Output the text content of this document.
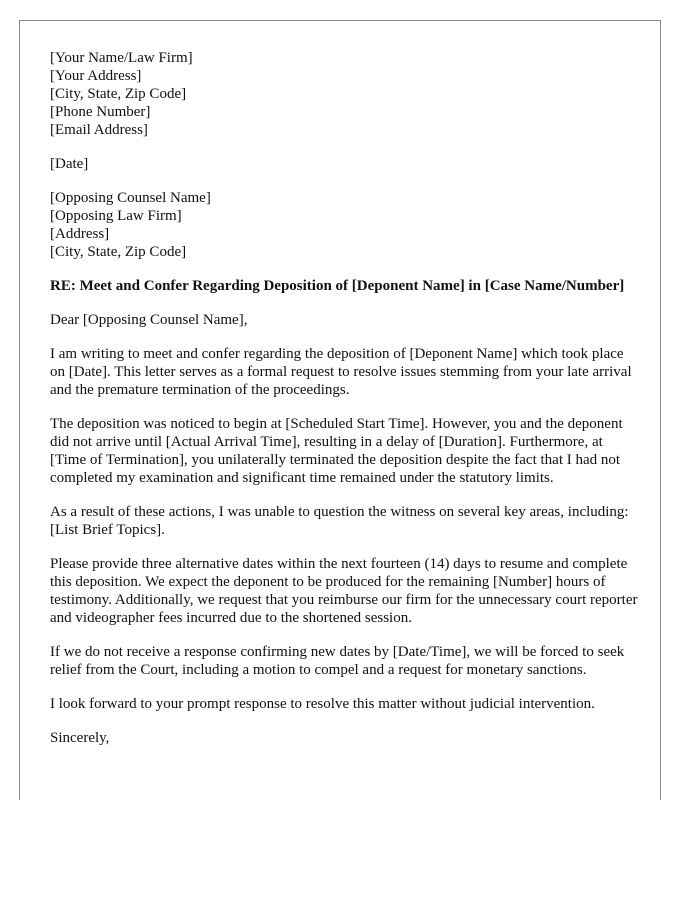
[Your Name/Law Firm]

[Your Address]

[City, State, Zip Code]

[Phone Number]

[Email Address]

[Date]

[Opposing Counsel Name]

[Opposing Law Firm]

[Address]

[City, State, Zip Code]

RE: Meet and Confer Regarding Deposition of [Deponent Name] in [Case Name/Number]

Dear [Opposing Counsel Name],

I am writing to meet and confer regarding the deposition of [Deponent Name] which took place on [Date]. This letter serves as a formal request to resolve issues stemming from your late arrival and the premature termination of the proceedings.

The deposition was noticed to begin at [Scheduled Start Time]. However, you and the deponent did not arrive until [Actual Arrival Time], resulting in a delay of [Duration]. Furthermore, at [Time of Termination], you unilaterally terminated the deposition despite the fact that I had not completed my examination and significant time remained under the statutory limits.

As a result of these actions, I was unable to question the witness on several key areas, including: [List Brief Topics].

Please provide three alternative dates within the next fourteen (14) days to resume and complete this deposition. We expect the deponent to be produced for the remaining [Number] hours of testimony. Additionally, we request that you reimburse our firm for the unnecessary court reporter and videographer fees incurred due to the shortened session.

If we do not receive a response confirming new dates by [Date/Time], we will be forced to seek relief from the Court, including a motion to compel and a request for monetary sanctions.

I look forward to your prompt response to resolve this matter without judicial intervention.

Sincerely,
